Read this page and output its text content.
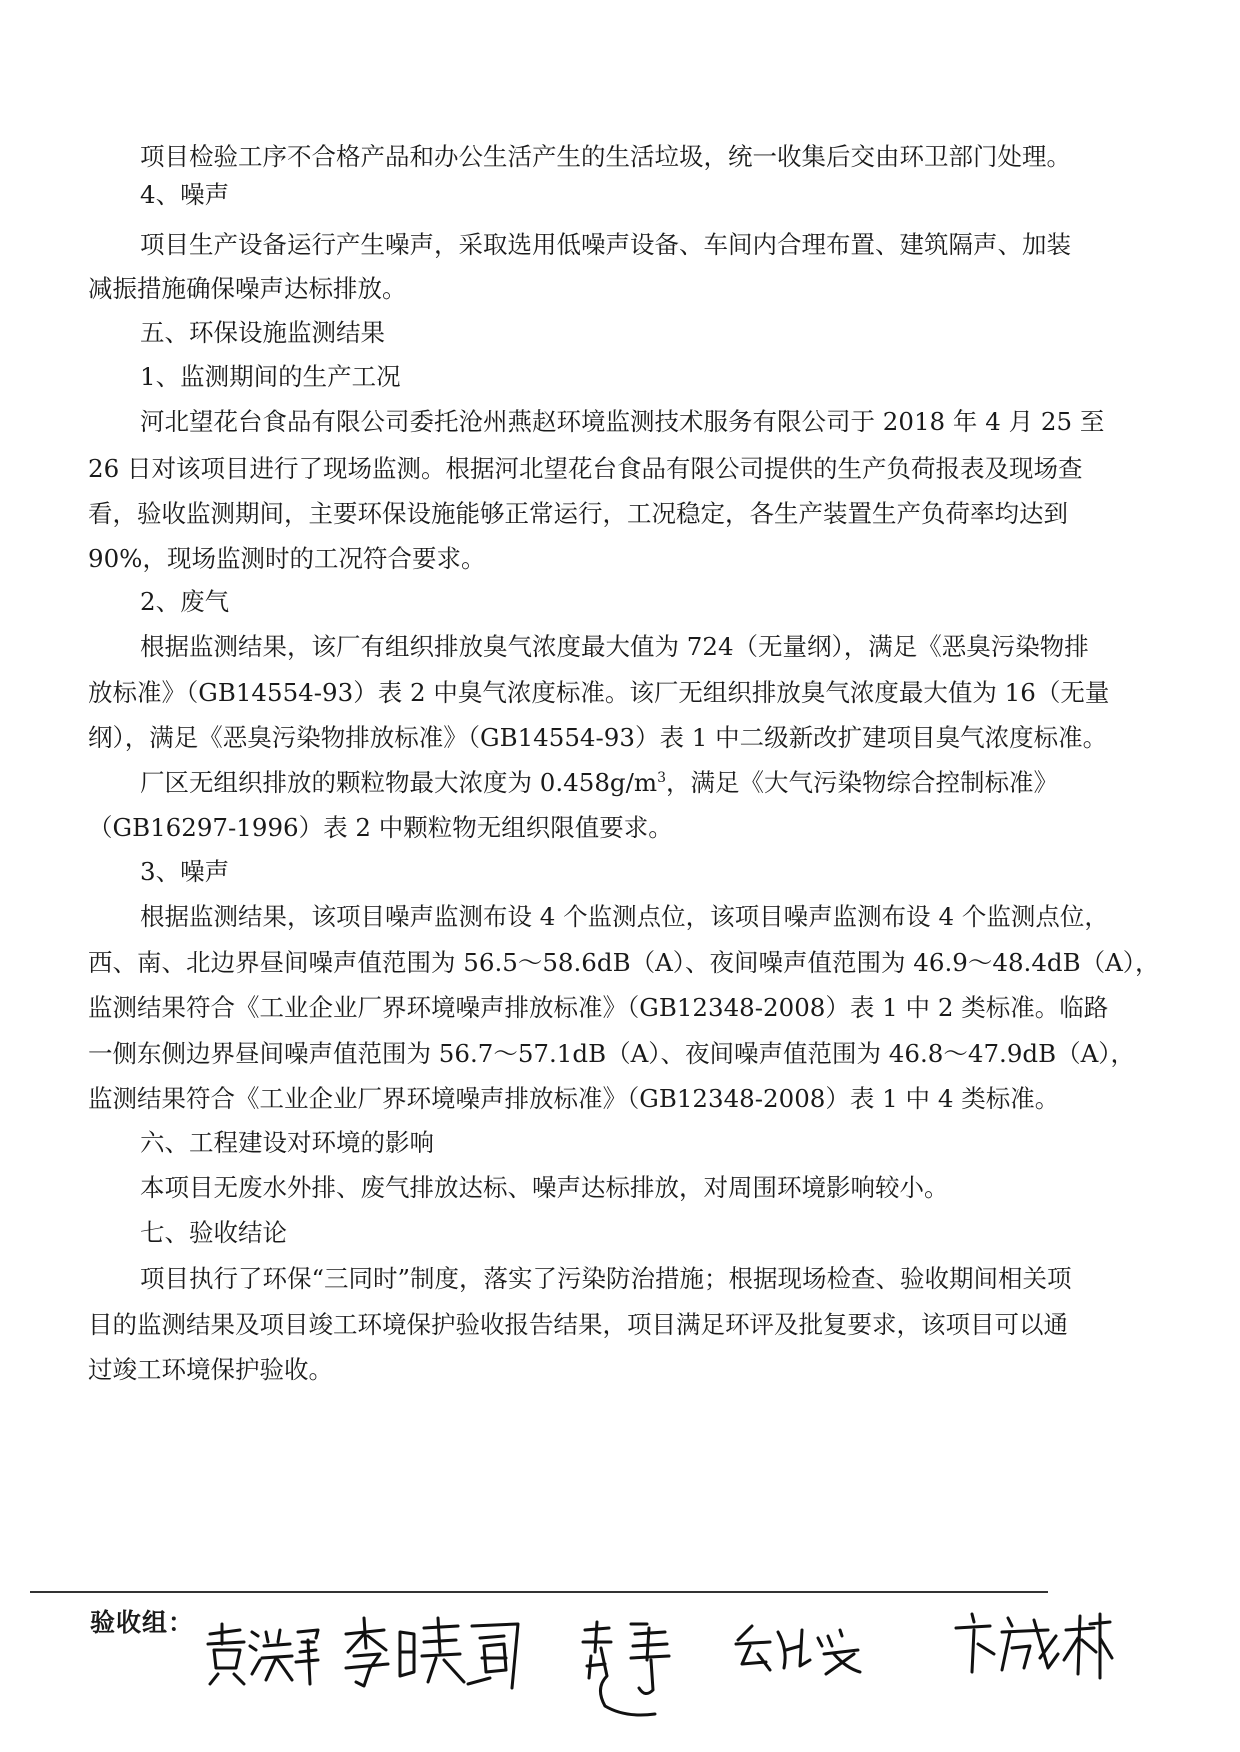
项目检验工序不合格产品和办公生活产生的生活垃圾，统一收集后交由环卫部门处理。
4、噪声
项目生产设备运行产生噪声，采取选用低噪声设备、车间内合理布置、建筑隔声、加装
减振措施确保噪声达标排放。
五、环保设施监测结果
1、监测期间的生产工况
河北望花台食品有限公司委托沧州燕赵环境监测技术服务有限公司于 2018 年 4 月 25 至
26 日对该项目进行了现场监测。根据河北望花台食品有限公司提供的生产负荷报表及现场查
看，验收监测期间，主要环保设施能够正常运行，工况稳定，各生产装置生产负荷率均达到
90%，现场监测时的工况符合要求。
2、废气
根据监测结果，该厂有组织排放臭气浓度最大值为 724（无量纲），满足《恶臭污染物排
放标准》（GB14554-93）表 2 中臭气浓度标准。该厂无组织排放臭气浓度最大值为 16（无量
纲），满足《恶臭污染物排放标准》（GB14554-93）表 1 中二级新改扩建项目臭气浓度标准。
厂区无组织排放的颗粒物最大浓度为 $0.458g/m^3$，满足《大气污染物综合控制标准》
（GB16297-1996）表 2 中颗粒物无组织限值要求。
3、噪声
根据监测结果，该项目噪声监测布设 4 个监测点位，该项目噪声监测布设 4 个监测点位，
西、南、北边界昼间噪声值范围为 56.5～58.6dB（A）、夜间噪声值范围为 46.9～48.4dB（A），
监测结果符合《工业企业厂界环境噪声排放标准》（GB12348-2008）表 1 中 2 类标准。临路
一侧东侧边界昼间噪声值范围为 56.7～57.1dB（A）、夜间噪声值范围为 46.8～47.9dB（A），
监测结果符合《工业企业厂界环境噪声排放标准》（GB12348-2008）表 1 中 4 类标准。
六、工程建设对环境的影响
本项目无废水外排、废气排放达标、噪声达标排放，对周围环境影响较小。
七、验收结论
项目执行了环保“三同时”制度，落实了污染防治措施；根据现场检查、验收期间相关项
目的监测结果及项目竣工环境保护验收报告结果，项目满足环评及批复要求，该项目可以通
过竣工环境保护验收。
验收组：
